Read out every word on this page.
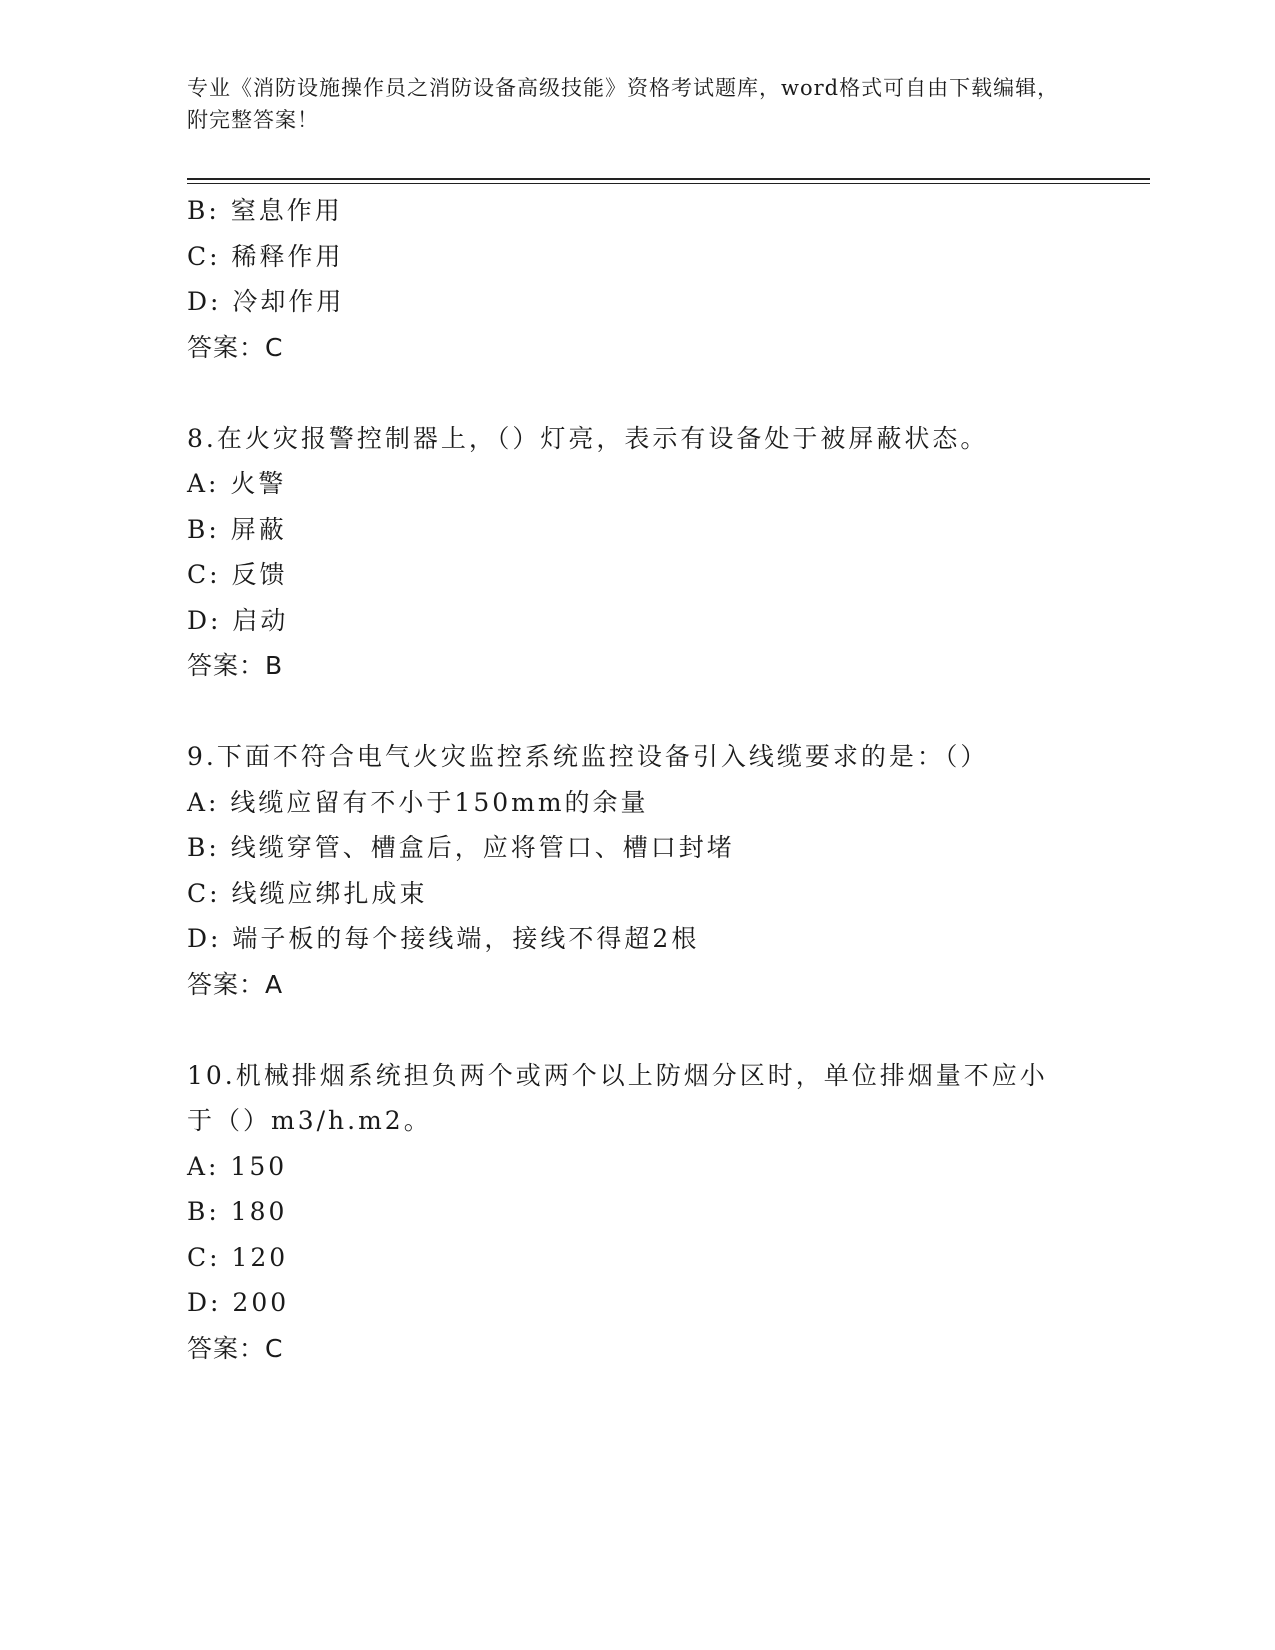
专业《消防设施操作员之消防设备高级技能》资格考试题库，word格式可自由下载编辑，附完整答案！
B: 窒息作用
C: 稀释作用
D: 冷却作用
答案：C
8.在火灾报警控制器上，（）灯亮，表示有设备处于被屏蔽状态。
A: 火警
B: 屏蔽
C: 反馈
D: 启动
答案：B
9.下面不符合电气火灾监控系统监控设备引入线缆要求的是：（）
A: 线缆应留有不小于150mm的余量
B: 线缆穿管、槽盒后，应将管口、槽口封堵
C: 线缆应绑扎成束
D: 端子板的每个接线端，接线不得超2根
答案：A
10.机械排烟系统担负两个或两个以上防烟分区时，单位排烟量不应小于（）m3/h.m2。
A: 150
B: 180
C: 120
D: 200
答案：C
